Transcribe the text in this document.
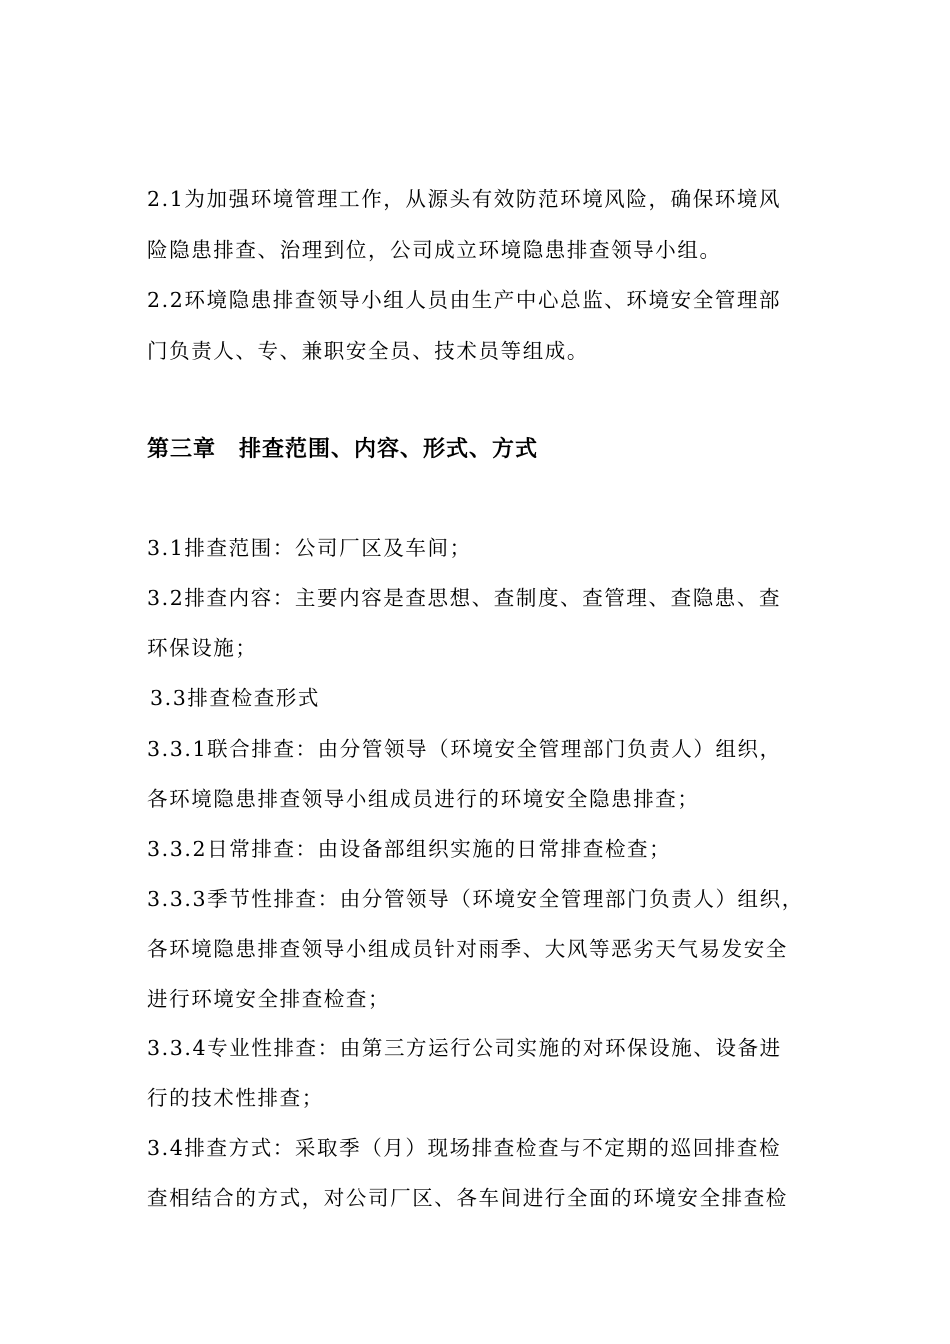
2.1为加强环境管理工作，从源头有效防范环境风险，确保环境风
险隐患排查、治理到位，公司成立环境隐患排查领导小组。
2.2环境隐患排查领导小组人员由生产中心总监、环境安全管理部
门负责人、专、兼职安全员、技术员等组成。
第三章　排查范围、内容、形式、方式
3.1排查范围：公司厂区及车间；
3.2排查内容：主要内容是查思想、查制度、查管理、查隐患、查
环保设施；
3.3排查检查形式
3.3.1联合排查：由分管领导（环境安全管理部门负责人）组织，
各环境隐患排查领导小组成员进行的环境安全隐患排查；
3.3.2日常排查：由设备部组织实施的日常排查检查；
3.3.3季节性排查：由分管领导（环境安全管理部门负责人）组织，
各环境隐患排查领导小组成员针对雨季、大风等恶劣天气易发安全
进行环境安全排查检查；
3.3.4专业性排查：由第三方运行公司实施的对环保设施、设备进
行的技术性排查；
3.4排查方式：采取季（月）现场排查检查与不定期的巡回排查检
查相结合的方式，对公司厂区、各车间进行全面的环境安全排查检
